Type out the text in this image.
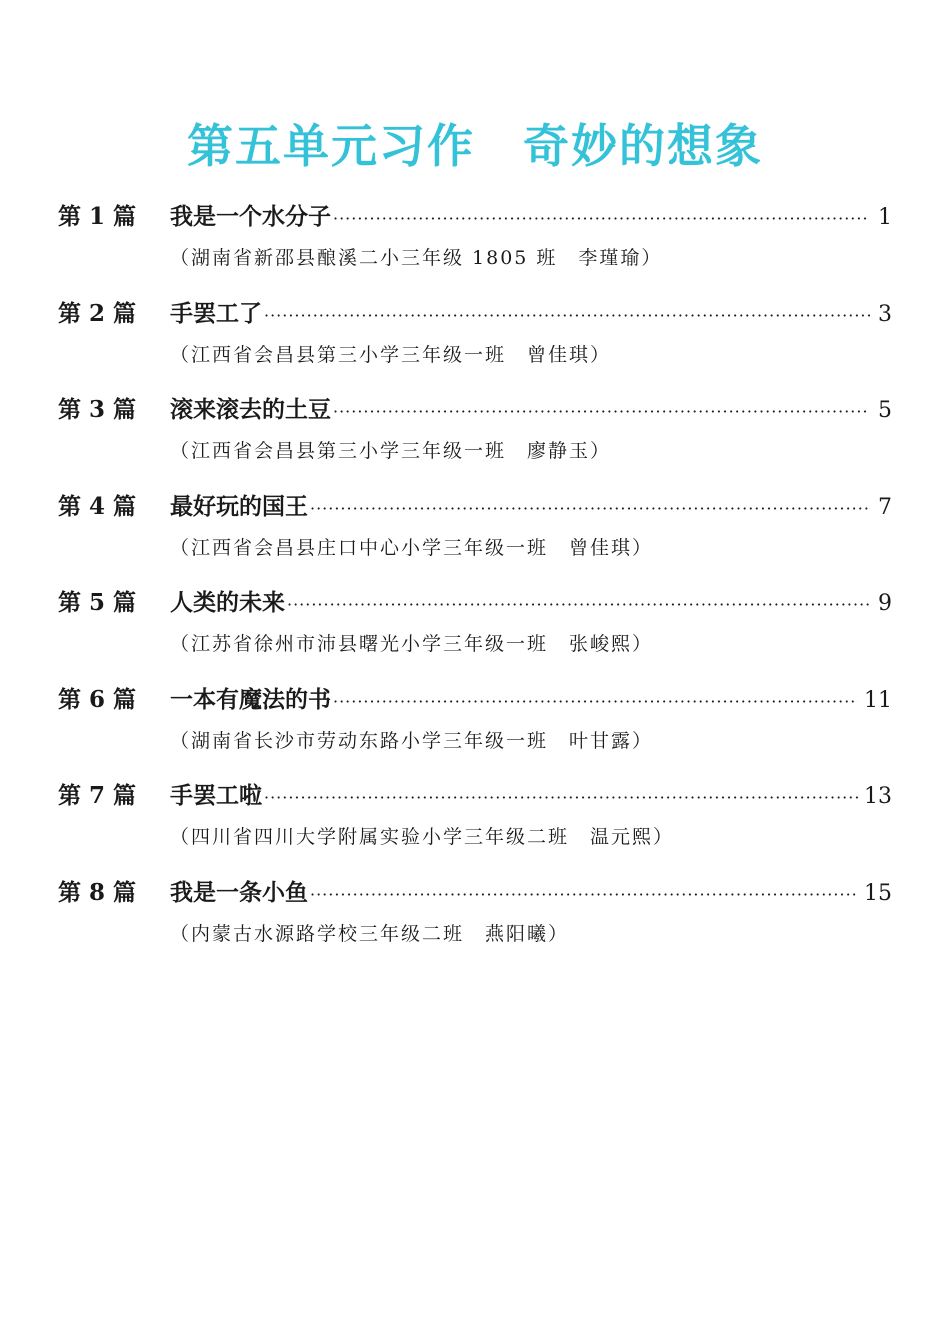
第五单元习作　奇妙的想象
第 1 篇	我是一个水分子 ·····	1
（湖南省新邵县酿溪二小三年级 1805 班　李瑾瑜）
第 2 篇	手罢工了 ·····	3
（江西省会昌县第三小学三年级一班　曾佳琪）
第 3 篇	滚来滚去的土豆 ·····	5
（江西省会昌县第三小学三年级一班　廖静玉）
第 4 篇	最好玩的国王 ·····	7
（江西省会昌县庄口中心小学三年级一班　曾佳琪）
第 5 篇	人类的未来 ·····	9
（江苏省徐州市沛县曙光小学三年级一班　张峻熙）
第 6 篇	一本有魔法的书 ·····	11
（湖南省长沙市劳动东路小学三年级一班　叶甘露）
第 7 篇	手罢工啦 ·····	13
（四川省四川大学附属实验小学三年级二班　温元熙）
第 8 篇	我是一条小鱼 ·····	15
（内蒙古水源路学校三年级二班　燕阳曦）
